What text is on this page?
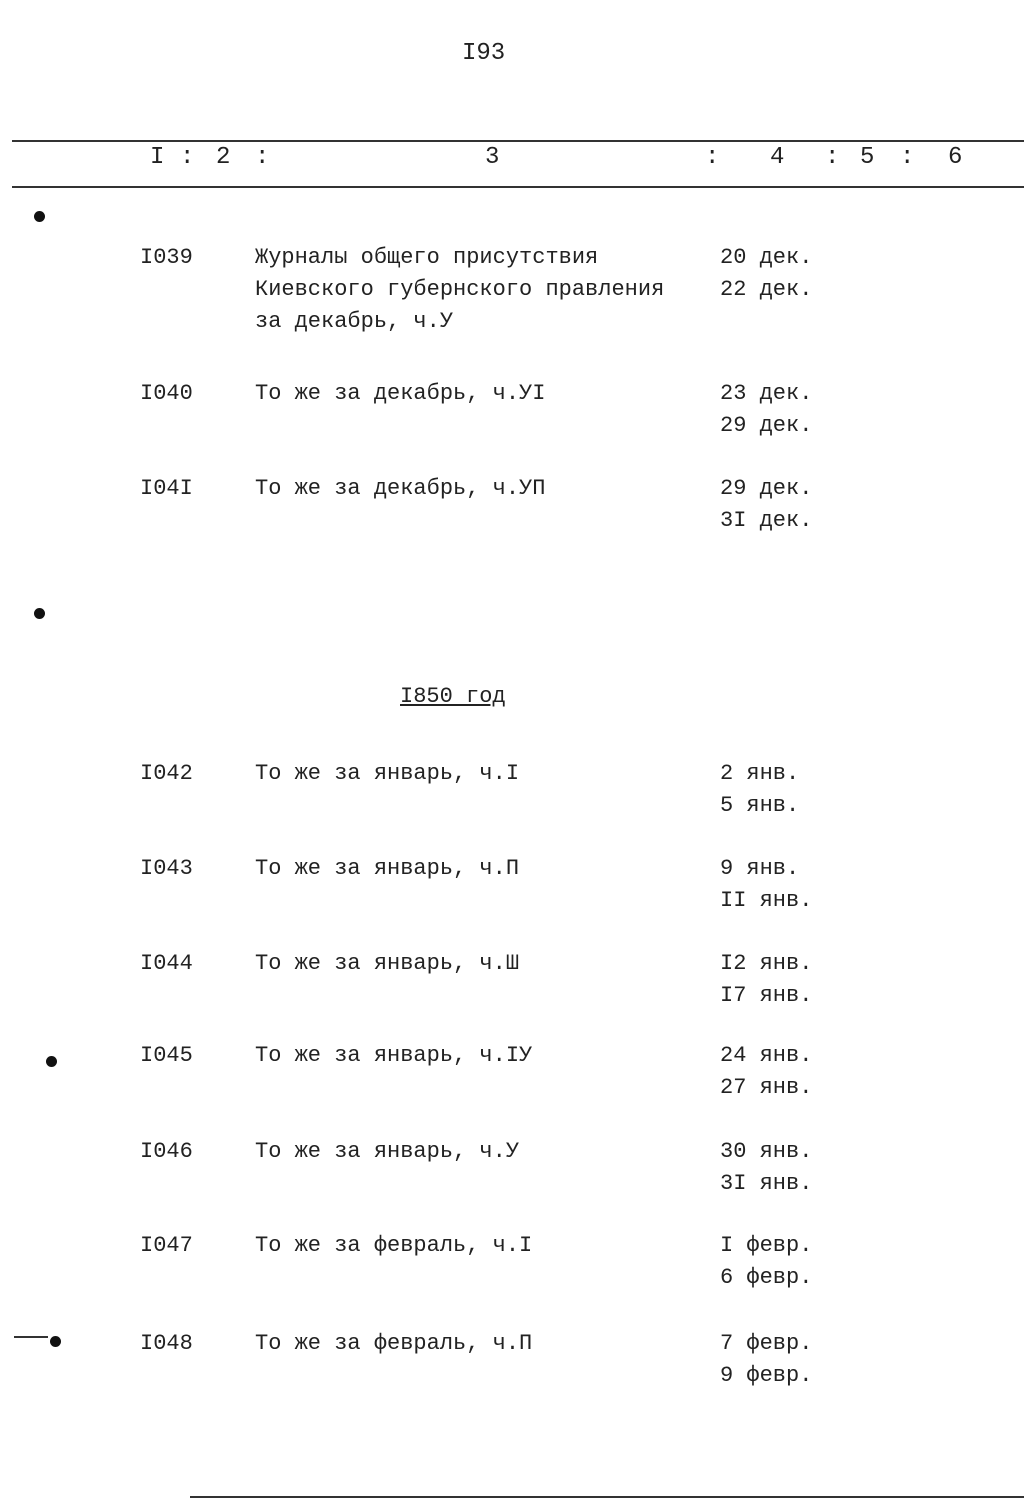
I93
I : 2 :	3	: 4 : 5 : 6
I039	Журналы общего присутствия Киевского губернского правления за декабрь, ч.У
20 дек.
22 дек.
I040	То же за декабрь, ч.УI	23 дек.
29 дек.
I04I	То же за декабрь, ч.УП	29 дек.
3I дек.
I850 год
I042	То же за январь, ч.I	2 янв.
5 янв.
I043	То же за январь, ч.П	9 янв.
II янв.
I044	То же за январь, ч.Ш	I2 янв.
I7 янв.
I045	То же за январь, ч.IУ	24 янв.
27 янв.
I046	То же за январь, ч.У	30 янв.
3I янв.
I047	То же за февраль, ч.I	I февр.
6 февр.
I048	То же за февраль, ч.П	7 февр.
9 февр.
